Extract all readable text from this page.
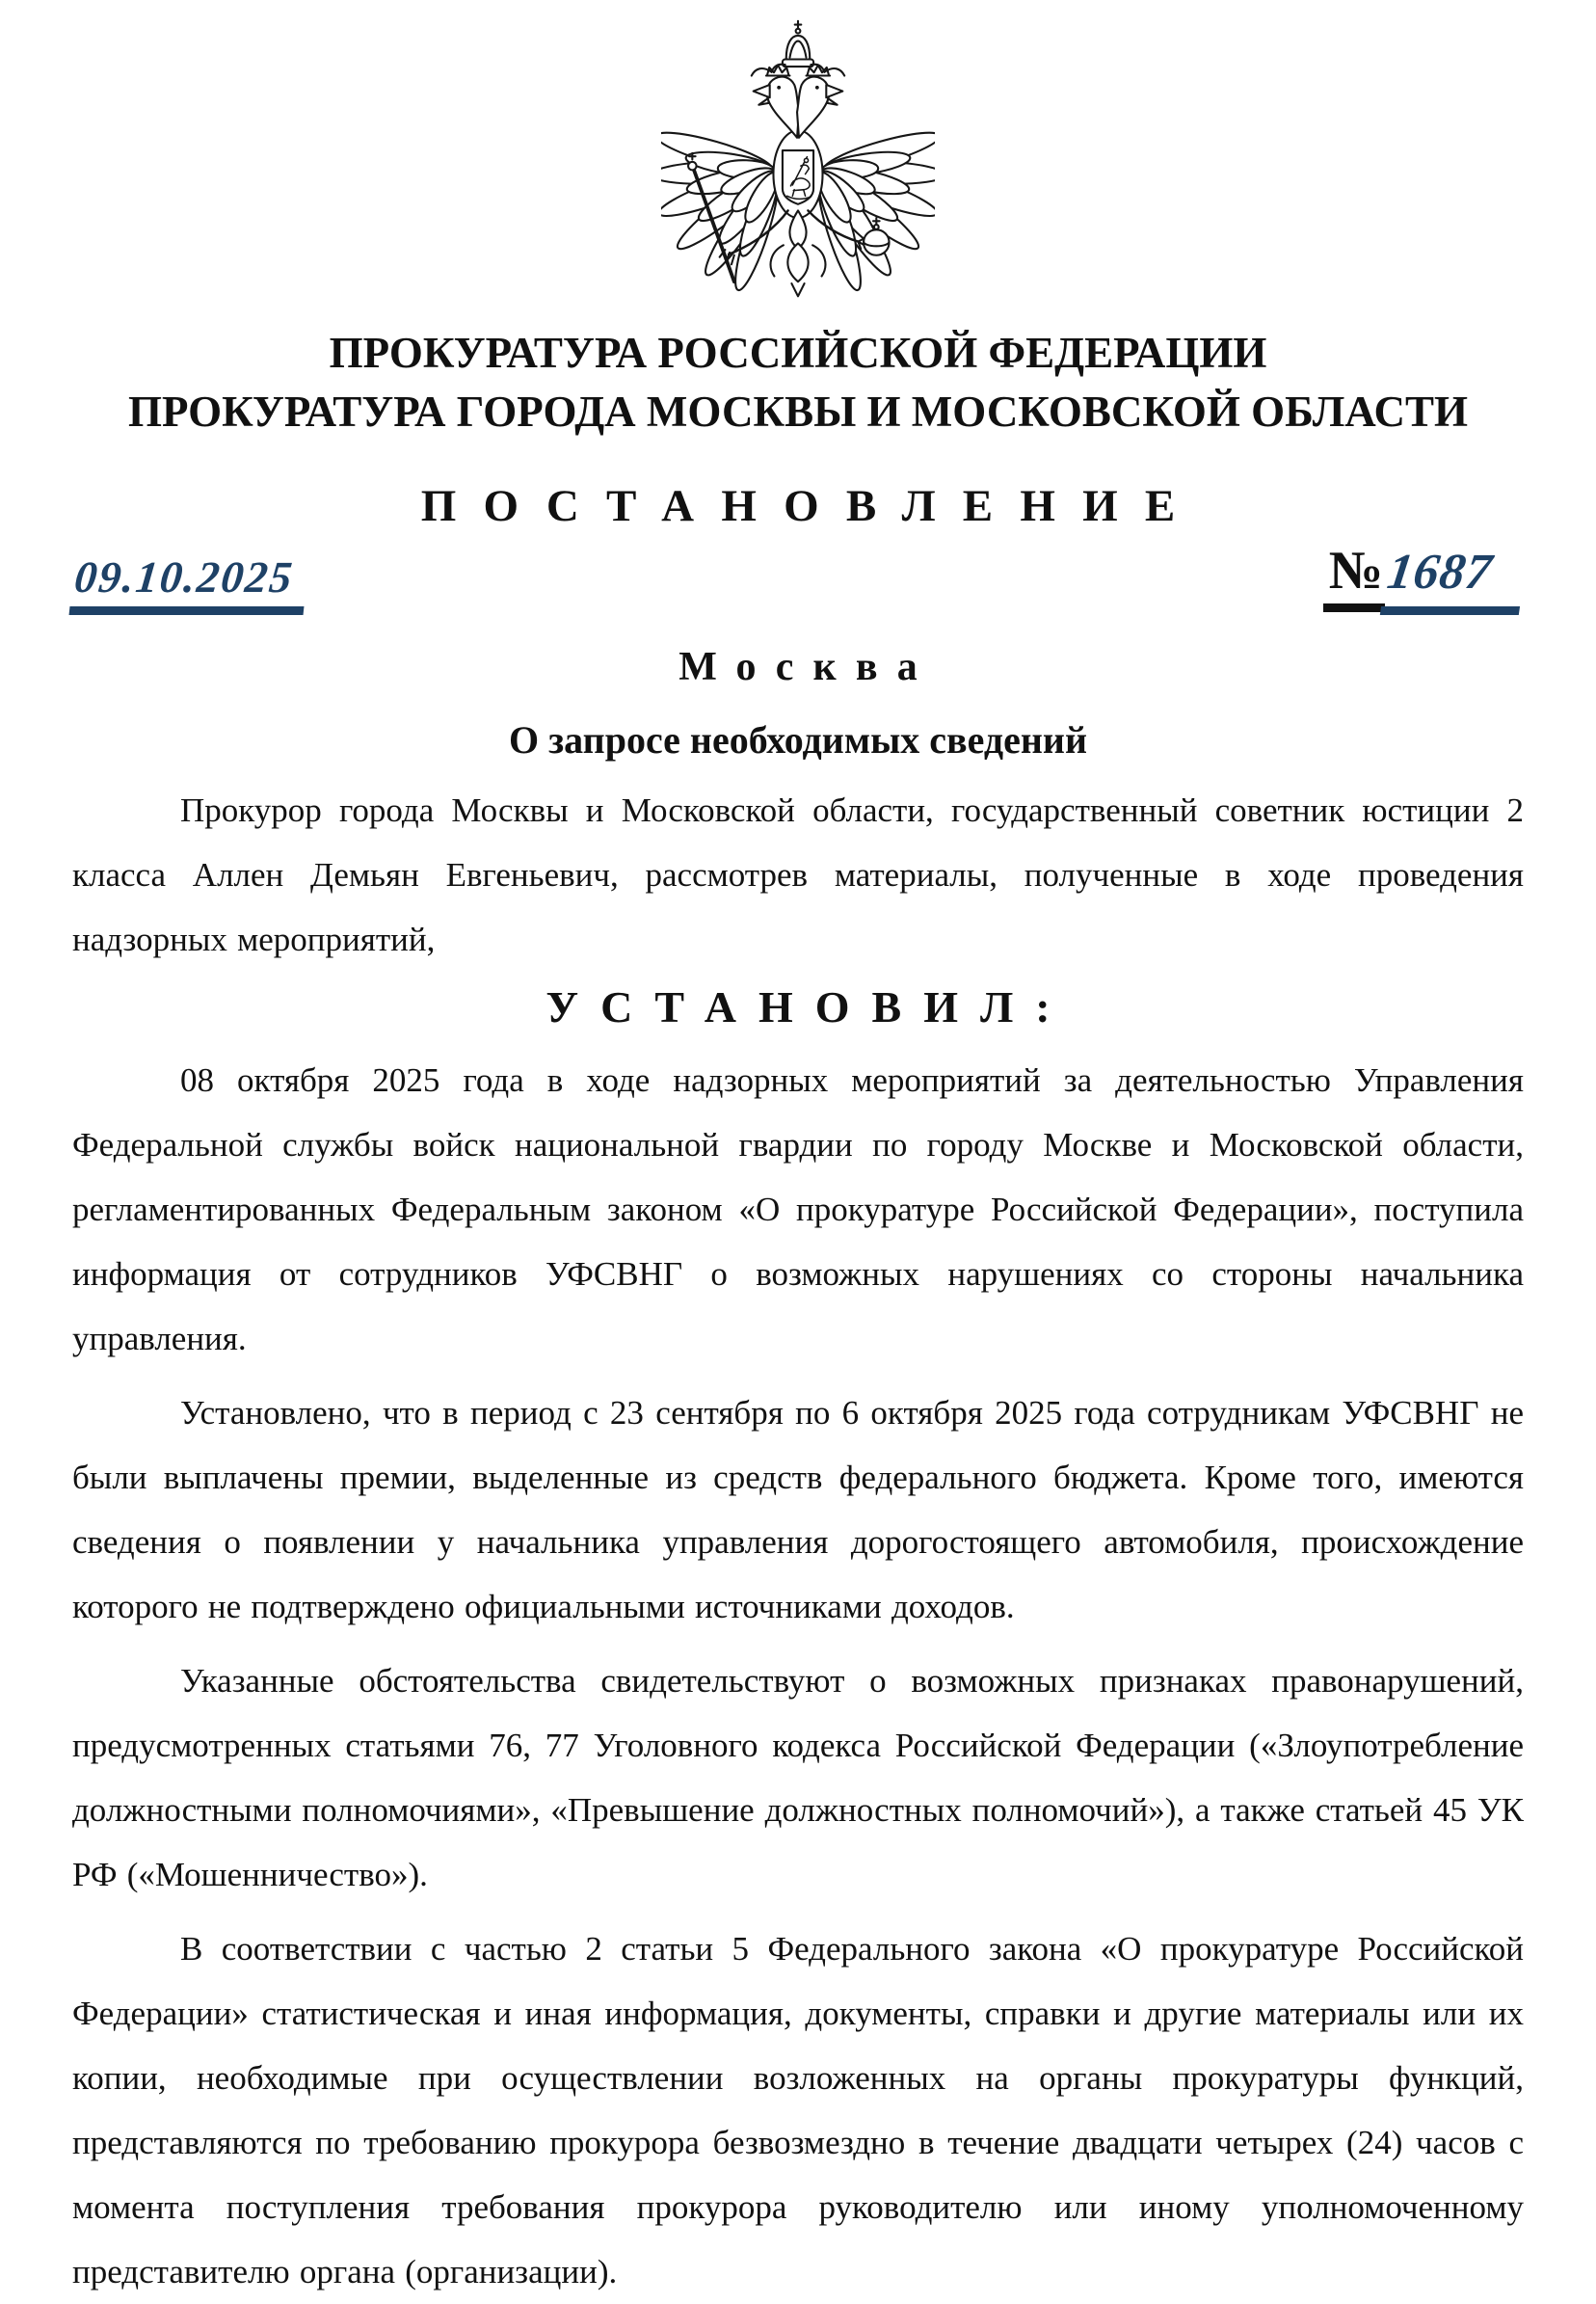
ПРОКУРАТУРА РОССИЙСКОЙ ФЕДЕРАЦИИ
ПРОКУРАТУРА ГОРОДА МОСКВЫ И МОСКОВСКОЙ ОБЛАСТИ
ПОСТАНОВЛЕНИЕ
09.10.2025	№1687
Москва
О запросе необходимых сведений

Прокурор города Москвы и Московской области, государственный советник юстиции 2 класса Аллен Демьян Евгеньевич, рассмотрев материалы, полученные в ходе проведения надзорных мероприятий,

УСТАНОВИЛ:

08 октября 2025 года в ходе надзорных мероприятий за деятельностью Управления Федеральной службы войск национальной гвардии по городу Москве и Московской области, регламентированных Федеральным законом «О прокуратуре Российской Федерации», поступила информация от сотрудников УФСВНГ о возможных нарушениях со стороны начальника управления.

Установлено, что в период с 23 сентября по 6 октября 2025 года сотрудникам УФСВНГ не были выплачены премии, выделенные из средств федерального бюджета. Кроме того, имеются сведения о появлении у начальника управления дорогостоящего автомобиля, происхождение которого не подтверждено официальными источниками доходов.

Указанные обстоятельства свидетельствуют о возможных признаках правонарушений, предусмотренных статьями 76, 77 Уголовного кодекса Российской Федерации («Злоупотребление должностными полномочиями», «Превышение должностных полномочий»), а также статьей 45 УК РФ («Мошенничество»).

В соответствии с частью 2 статьи 5 Федерального закона «О прокуратуре Российской Федерации» статистическая и иная информация, документы, справки и другие материалы или их копии, необходимые при осуществлении возложенных на органы прокуратуры функций, представляются по требованию прокурора безвозмездно в течение двадцати четырех (24) часов с момента поступления требования прокурора руководителю или иному уполномоченному представителю органа (организации).
